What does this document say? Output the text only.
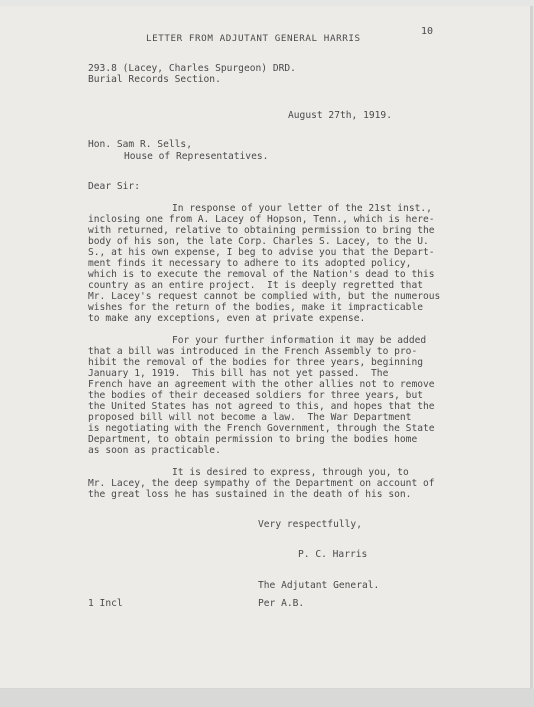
LETTER FROM ADJUTANT GENERAL HARRIS

10

293.8 (Lacey, Charles Spurgeon) DRD.

Burial Records Section.

August 27th, 1919.

Hon. Sam R. Sells,

House of Representatives.

Dear Sir:

In response of your letter of the 21st inst.,

inclosing one from A. Lacey of Hopson, Tenn., which is here-

with returned, relative to obtaining permission to bring the

body of his son, the late Corp. Charles S. Lacey, to the U.

S., at his own expense, I beg to advise you that the Depart-

ment finds it necessary to adhere to its adopted policy,

which is to execute the removal of the Nation's dead to this

country as an entire project.  It is deeply regretted that

Mr. Lacey's request cannot be complied with, but the numerous

wishes for the return of the bodies, make it impracticable

to make any exceptions, even at private expense.

For your further information it may be added

that a bill was introduced in the French Assembly to pro-

hibit the removal of the bodies for three years, beginning

January 1, 1919.  This bill has not yet passed.  The

French have an agreement with the other allies not to remove

the bodies of their deceased soldiers for three years, but

the United States has not agreed to this, and hopes that the

proposed bill will not become a law.  The War Department

is negotiating with the French Government, through the State

Department, to obtain permission to bring the bodies home

as soon as practicable.

It is desired to express, through you, to

Mr. Lacey, the deep sympathy of the Department on account of

the great loss he has sustained in the death of his son.

Very respectfully,

P. C. Harris

The Adjutant General.

1 Incl	Per A.B.
